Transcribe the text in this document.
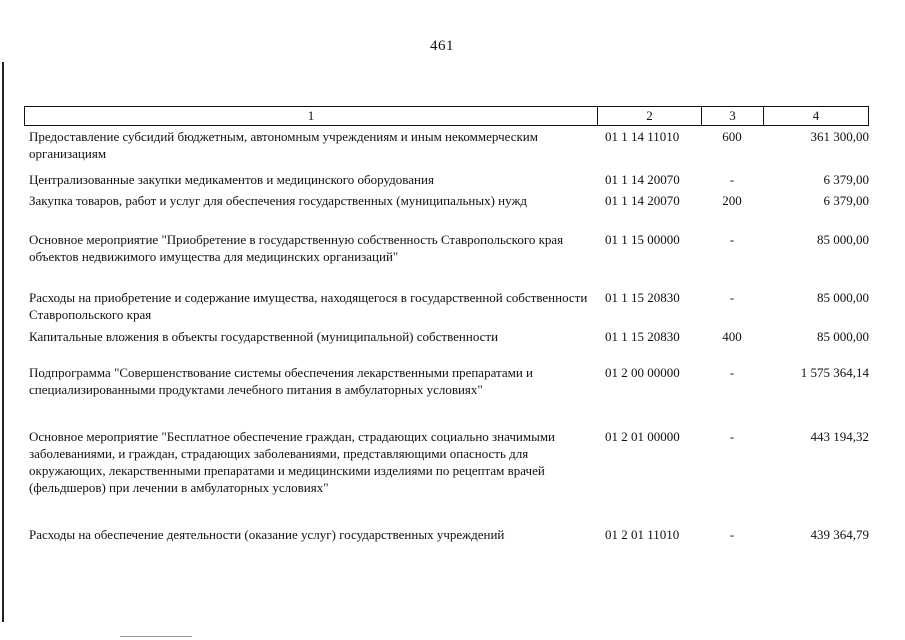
461
1	2	3	4
Предоставление субсидий бюджетным, автономным учреждениям и иным некоммерческим организациям
01 1 14 11010	600	361 300,00
Централизованные закупки медикаментов и медицинского оборудования	01 1 14 20070	-	6 379,00
Закупка товаров, работ и услуг для обеспечения государственных (муниципальных) нужд	01 1 14 20070	200	6 379,00
Основное мероприятие "Приобретение в государственную собственность Ставропольского края объектов недвижимого имущества для медицинских организаций"
01 1 15 00000	-	85 000,00
Расходы на приобретение и содержание имущества, находящегося в государственной собственности Ставропольского края
01 1 15 20830	-	85 000,00
Капитальные вложения в объекты государственной (муниципальной) собственности	01 1 15 20830	400	85 000,00
Подпрограмма "Совершенствование системы обеспечения лекарственными препаратами и специализированными продуктами лечебного питания в амбулаторных условиях"
01 2 00 00000	-	1 575 364,14
Основное мероприятие "Бесплатное обеспечение граждан, страдающих социально значимыми заболеваниями, и граждан, страдающих заболеваниями, представляющими опасность для окружающих, лекарственными препаратами и медицинскими изделиями по рецептам врачей (фельдшеров) при лечении в амбулаторных условиях"
01 2 01 00000	-	443 194,32
Расходы на обеспечение деятельности (оказание услуг) государственных учреждений	01 2 01 11010	-	439 364,79
